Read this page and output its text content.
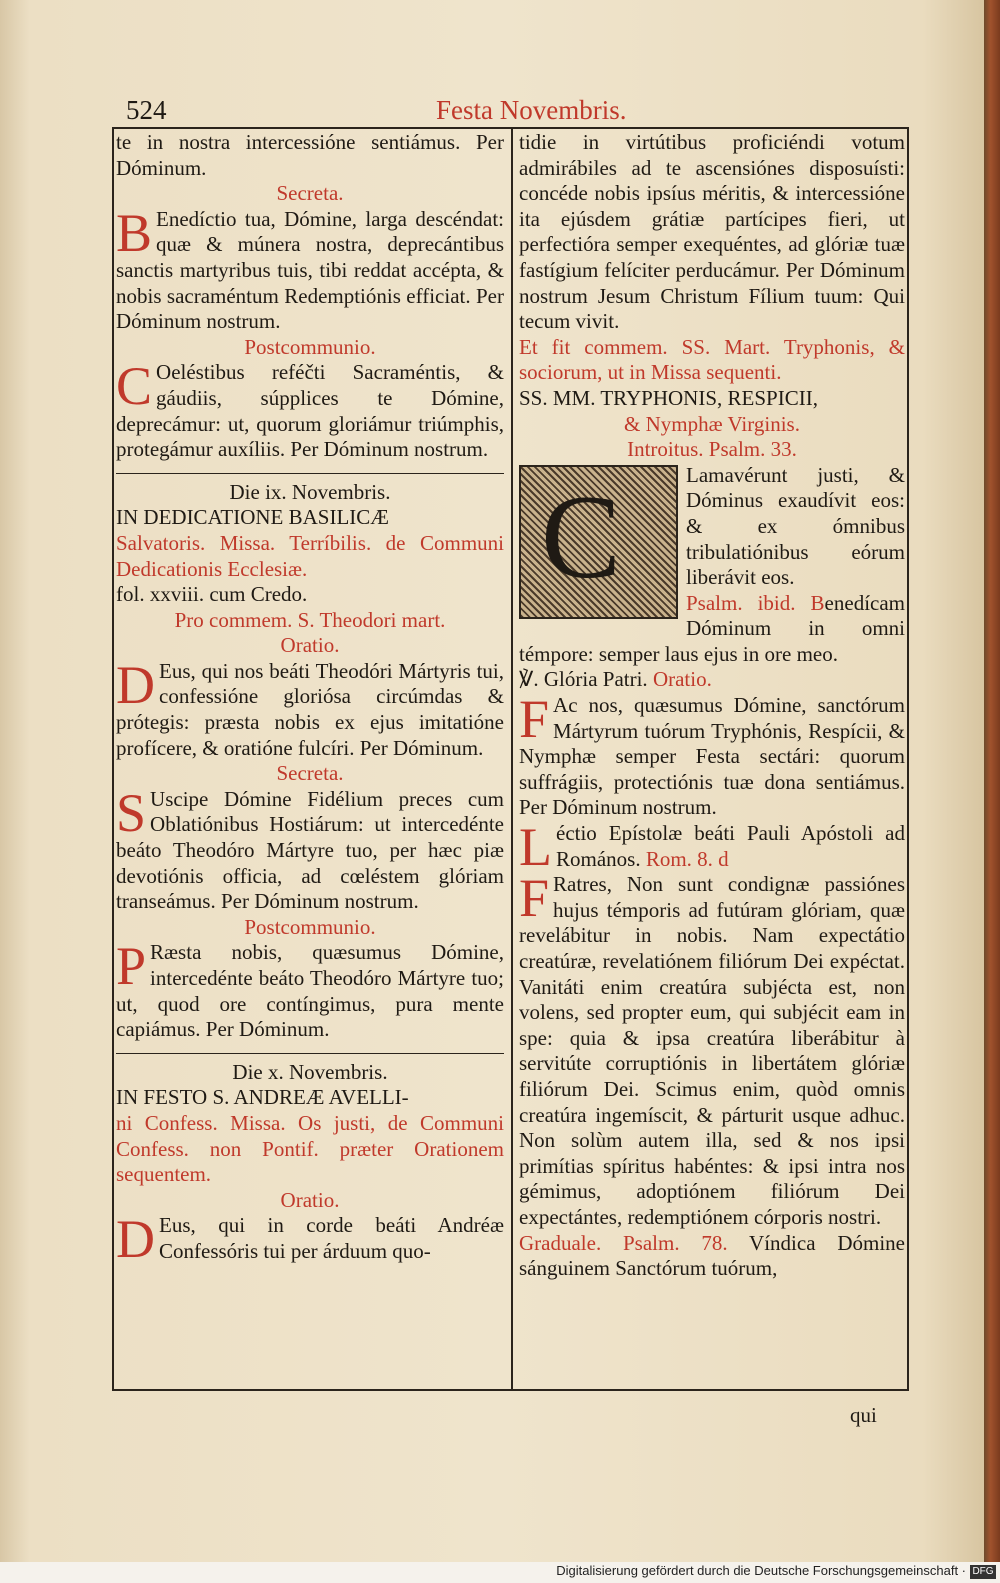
524	Festa Novembris.

te in nostra intercessióne sentiámus. Per Dóminum.

Secreta.

B Enedíctio tua, Dómine, larga descéndat: quæ & múnera nostra, deprecántibus sanctis martyribus tuis, tibi reddat accépta, & nobis sacraméntum Redemptiónis efficiat. Per Dóminum nostrum.

Postcommunio.

C Oeléstibus reféčti Sacraméntis, & gáudiis, súpplices te Dómine, deprecámur: ut, quorum gloriámur triúmphis, protegámur auxíliis. Per Dóminum nostrum.

Die ix. Novembris.

IN DEDICATIONE BASILICÆ

Salvatoris. Missa. Terríbilis. de Communi Dedicationis Ecclesiæ.

fol. xxviii. cum Credo.

Pro commem. S. Theodori mart.

Oratio.

D Eus, qui nos beáti Theodóri Mártyris tui, confessióne gloriósa circúmdas & prótegis: præsta nobis ex ejus imitatióne profícere, & oratióne fulcíri. Per Dóminum.

Secreta.

S Uscipe Dómine Fidélium preces cum Oblatiónibus Hostiárum: ut intercedénte beáto Theodóro Mártyre tuo, per hæc piæ devotiónis officia, ad cœléstem glóriam transeámus. Per Dóminum nostrum.

Postcommunio.

P Ræsta nobis, quæsumus Dómine, intercedénte beáto Theodóro Mártyre tuo; ut, quod ore contíngimus, pura mente capiámus. Per Dóminum.

Die x. Novembris.

IN FESTO S. ANDREÆ AVELLI-

ni Confess. Missa. Os justi, de Communi Confess. non Pontif. præter Orationem sequentem.

Oratio.

D Eus, qui in corde beáti Andréæ Confessóris tui per árduum quo-

tidie in virtútibus proficiéndi votum admirábiles ad te ascensiónes disposuísti: concéde nobis ipsíus méritis, & intercessióne ita ejúsdem grátiæ partícipes fieri, ut perfectióra semper exequéntes, ad glóriæ tuæ fastígium felíciter perducámur. Per Dóminum nostrum Jesum Christum Fílium tuum: Qui tecum vivit.

Et fit commem. SS. Mart. Tryphonis, & sociorum, ut in Missa sequenti.

SS. MM. TRYPHONIS, RESPICII,

& Nymphæ Virginis.

Introitus. Psalm. 33.

C	Lamavérunt justi, & Dóminus exaudívit eos: & ex ómnibus tribulatiónibus eórum liberávit eos.

Psalm. ibid. Benedícam Dóminum in omni témpore: semper laus ejus in ore meo.

℣. Glória Patri. Oratio.

F Ac nos, quæsumus Dómine, sanctórum Mártyrum tuórum Tryphónis, Respícii, & Nymphæ semper Festa sectári: quorum suffrágiis, protectiónis tuæ dona sentiámus. Per Dóminum nostrum.

Léctio Epístolæ beáti Pauli Apóstoli ad Romános. Rom. 8. d

F Ratres, Non sunt condignæ passiónes hujus témporis ad futúram glóriam, quæ revelábitur in nobis. Nam expectátio creatúræ, revelatiónem filiórum Dei expéctat. Vanitáti enim creatúra subjécta est, non volens, sed propter eum, qui subjécit eam in spe: quia & ipsa creatúra liberábitur à servitúte corruptiónis in libertátem glóriæ filiórum Dei. Scimus enim, quòd omnis creatúra ingemíscit, & párturit usque adhuc. Non solùm autem illa, sed & nos ipsi primítias spíritus habéntes: & ipsi intra nos gémimus, adoptiónem filiórum Dei expectántes, redemptiónem córporis nostri.

Graduale. Psalm. 78. Víndica Dómine sánguinem Sanctórum tuórum,

qui
Digitalisierung gefördert durch die Deutsche Forschungsgemeinschaft · DFG
